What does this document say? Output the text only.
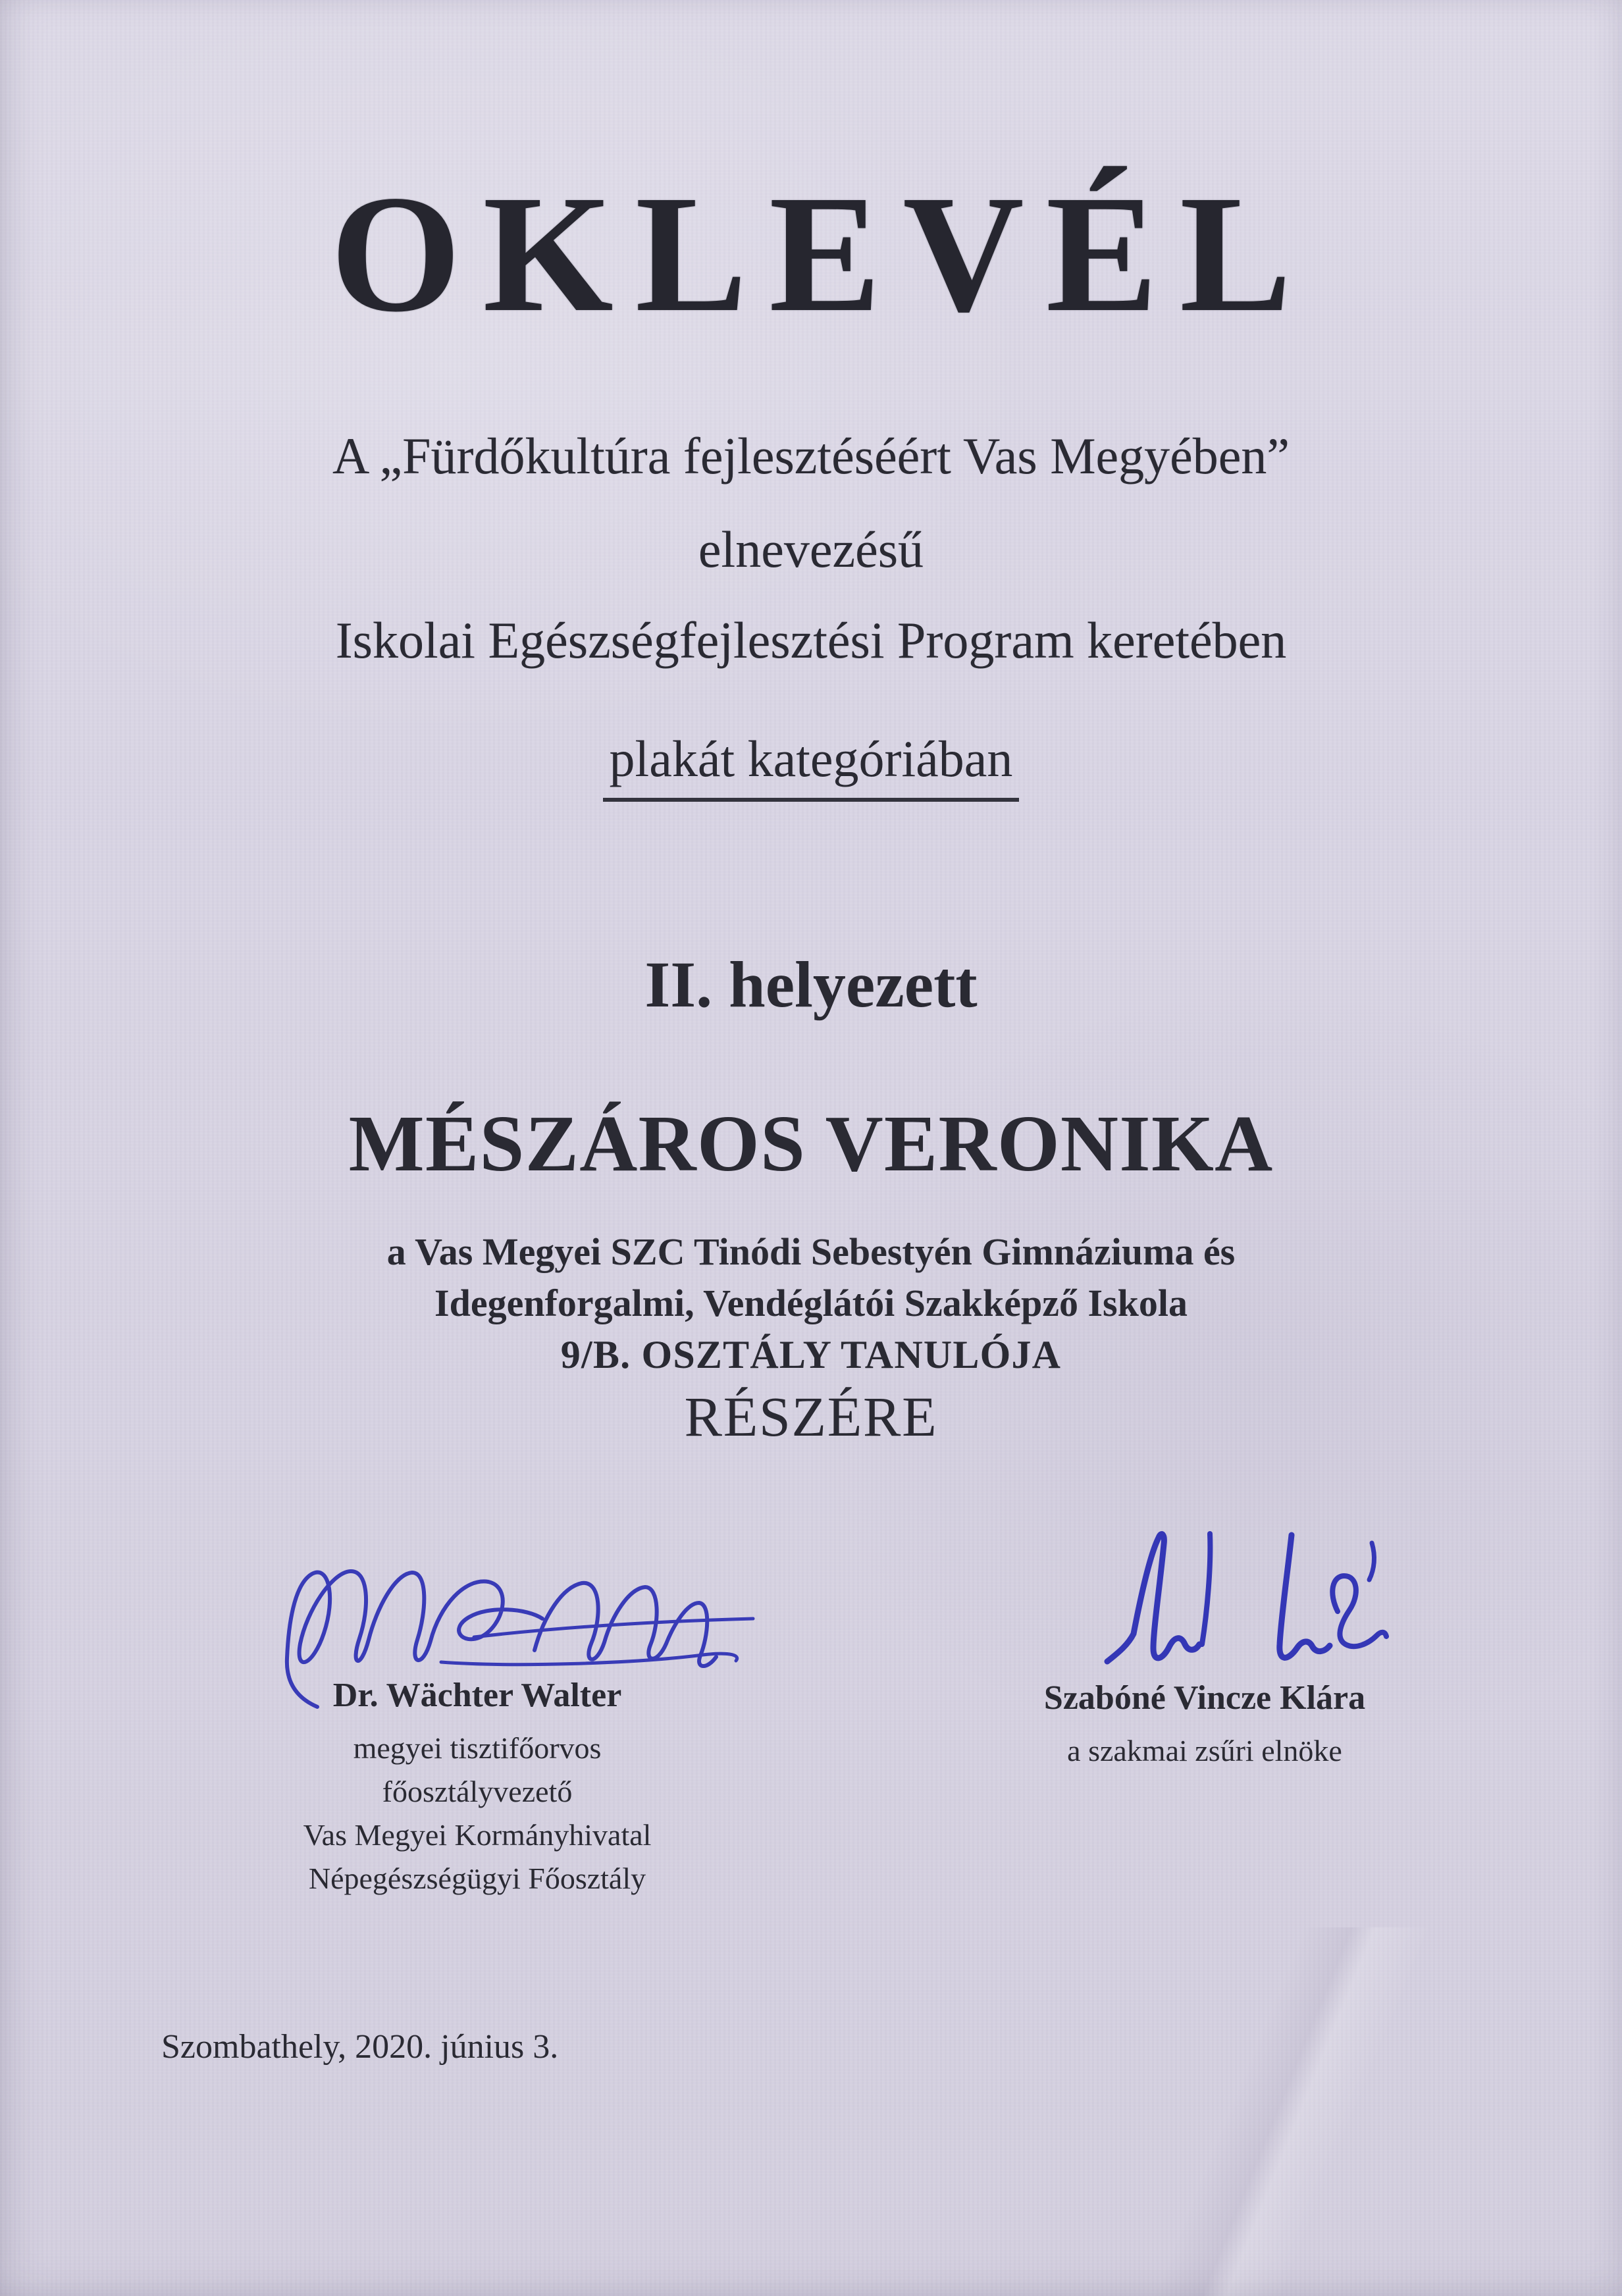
OKLEVÉL
A „Fürdőkultúra fejlesztéséért Vas Megyében”
elnevezésű
Iskolai Egészségfejlesztési Program keretében
plakát kategóriában
II. helyezett
MÉSZÁROS VERONIKA
a Vas Megyei SZC Tinódi Sebestyén Gimnáziuma és
Idegenforgalmi, Vendéglátói Szakképző Iskola
9/B. OSZTÁLY TANULÓJA
RÉSZÉRE
Dr. Wächter Walter
megyei tisztifőorvos
főosztályvezető
Vas Megyei Kormányhivatal
Népegészségügyi Főosztály
Szabóné Vincze Klára
a szakmai zsűri elnöke
Szombathely, 2020. június 3.
